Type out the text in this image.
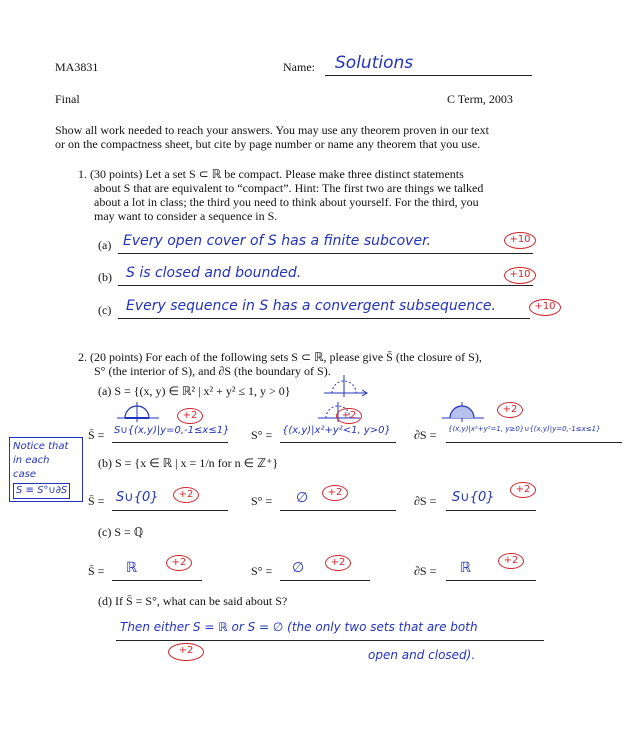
MA3831	Name: Solutions
Final	C Term, 2003
Show all work needed to reach your answers. You may use any theorem proven in our text
or on the compactness sheet, but cite by page number or name any theorem that you use.
1. (30 points) Let a set S ⊂ ℝ be compact. Please make three distinct statements
about S that are equivalent to “compact”. Hint: The first two are things we talked
about a lot in class; the third you need to think about yourself. For the third, you
may want to consider a sequence in S.
(a) Every open cover of S has a finite subcover.	+10
(b) S is closed and bounded.	+10
(c) Every sequence in S has a convergent subsequence.	+10
2. (20 points) For each of the following sets S ⊂ ℝ, please give S̄ (the closure of S),
S° (the interior of S), and ∂S (the boundary of S).
(a) S = {(x, y) ∈ ℝ² | x² + y² ≤ 1, y > 0}
S̄ = S∪{(x,y)|y=0,-1≤x≤1}
+2
S° = {(x,y)|x²+y²<1, y>0}
+2
∂S = {(x,y)|x²+y²=1, y≥0}∪{(x,y)|y=0,-1≤x≤1}
+2
Notice that
in each
case
S̄ ≡ S°∪∂S
(b) S = {x ∈ ℝ | x = 1/n for n ∈ ℤ⁺}
S̄ = S∪{0}	+2	S° = ∅	+2
∂S = S∪{0}
+2
(c) S = ℚ
S̄ = ℝ	+2
S° = ∅	+2
∂S = ℝ	+2
(d) If S̄ = S°, what can be said about S?
Then either S = ℝ or S = ∅ (the only two sets that are both
+2	open and closed).
